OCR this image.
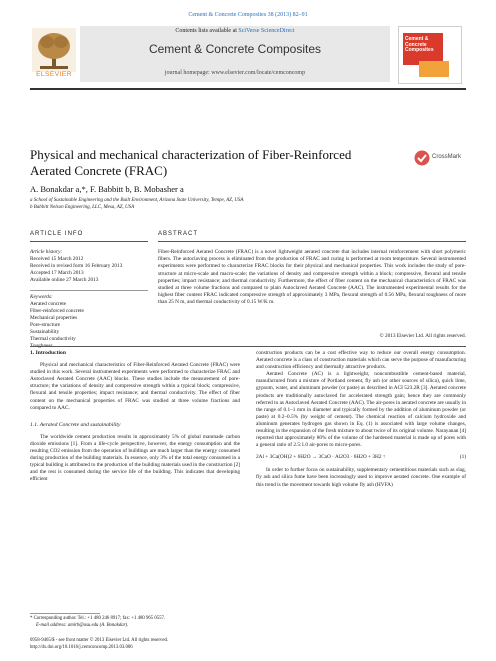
Cement & Concrete Composites 38 (2013) 82–91
ELSEVIER
Contents lists available at SciVerse ScienceDirect
Cement & Concrete Composites
journal homepage: www.elsevier.com/locate/cemconcomp
Cement & Concrete Composites
Physical and mechanical characterization of Fiber-Reinforced Aerated Concrete (FRAC)
CrossMark
A. Bonakdar a,*, F. Babbitt b, B. Mobasher a
a School of Sustainable Engineering and the Built Environment, Arizona State University, Tempe, AZ, USA
b Babbitt Nelson Engineering, LLC, Mesa, AZ, USA
ARTICLE INFO	ABSTRACT
Article history:
Received 15 March 2012
Received in revised form 16 February 2013
Accepted 17 March 2013
Available online 27 March 2013
Keywords:
Aerated concrete
Fiber-reinforced concrete
Mechanical properties
Pore-structure
Sustainability
Thermal conductivity
Fiber-Reinforced Aerated Concrete (FRAC) is a novel lightweight aerated concrete that includes internal reinforcement with short polymeric fibers. The autoclaving process is eliminated from the production of FRAC and curing is performed at room temperature. Several instrumented experiments were performed to characterize FRAC blocks for their physical and mechanical properties. This work includes the study of pore-structure at micro-scale and macro-scale; the variations of density and compressive strength within a block; compressive, flexural and tensile properties; impact resistance; and thermal conductivity. Furthermore, the effect of fiber content on the mechanical characteristics of FRAC was studied at three volume fractions and compared to plain Autoclaved Aerated Concrete (AAC). The instrumented experimental results for the highest fiber content FRAC indicated compressive strength of approximately 3 MPa, flexural strength of 0.56 MPa, flexural toughness of more than 25 N m, and thermal conductivity of 0.15 W/K m.
© 2013 Elsevier Ltd. All rights reserved.
1. Introduction

Physical and mechanical characteristics of Fiber-Reinforced Aerated Concrete (FRAC) were studied in this work. Several instrumented experiments were performed to characterize FRAC and Autoclaved Aerated Concrete (AAC) blocks. These studies include the measurement of pore-structure; the variations of density and compressive strength within a typical block; compressive, flexural and tensile properties; impact resistance; and thermal conductivity. The effect of fiber content on the mechanical properties of FRAC was studied at three volume fractions and compared to AAC.

1.1. Aerated Concrete and sustainability

The worldwide cement production results in approximately 5% of global manmade carbon dioxide emissions [1]. From a life-cycle perspective, however, the energy consumption and the resulting CO2 emission from the operation of buildings are much larger than the energy consumed during production of the building materials. In essence, only 3% of the total energy consumed in a typical building is attributed to the production of the building materials used in the construction [2] and the rest is consumed during the service life of the building. This indicates that developing efficient

construction products can be a cost effective way to reduce our overall energy consumption. Aerated concrete is a class of construction materials which can serve the purpose of manufacturing and construction efficiency and thermally attractive products.

Aerated Concrete (AC) is a lightweight, noncombustible cement-based material, manufactured from a mixture of Portland cement, fly ash (or other sources of silica), quick lime, gypsum, water, and aluminum powder (or paste) as described in ACI 523.2R [3]. Aerated concrete products are traditionally autoclaved for accelerated strength gain; hence they are commonly referred to as Autoclaved Aerated Concrete (AAC). The air-pores in aerated concrete are usually in the range of 0.1–1 mm in diameter and typically formed by the addition of aluminum powder (or paste) at 0.2–0.5% (by weight of cement). The chemical reaction of calcium hydroxide and aluminum generates hydrogen gas shown in Eq. (1) is associated with large volume changes, resulting in the expansion of the fresh mixture to about twice of its original volume. Narayanan [4] reported that approximately 80% of the volume of the hardened material is made up of pores with a general ratio of 2.5:1.0 air-pores to micro-pores.

2Al + 3Ca(OH)2 + 6H2O → 3CaO · Al2O3 · 6H2O + 3H2 ↑	(1)

In order to further focus on sustainability, supplementary cementitious materials such as slag, fly ash and silica fume have been increasingly used to improve aerated concrete. One example of this trend is the movement towards high volume fly ash (HVFA)

* Corresponding author. Tel.: +1 480 246 8917; fax: +1 480 965 0557.
E-mail address: amirb@asu.edu (A. Bonakdar).
0958-9465/$ - see front matter © 2013 Elsevier Ltd. All rights reserved.
http://dx.doi.org/10.1016/j.cemconcomp.2013.03.006
